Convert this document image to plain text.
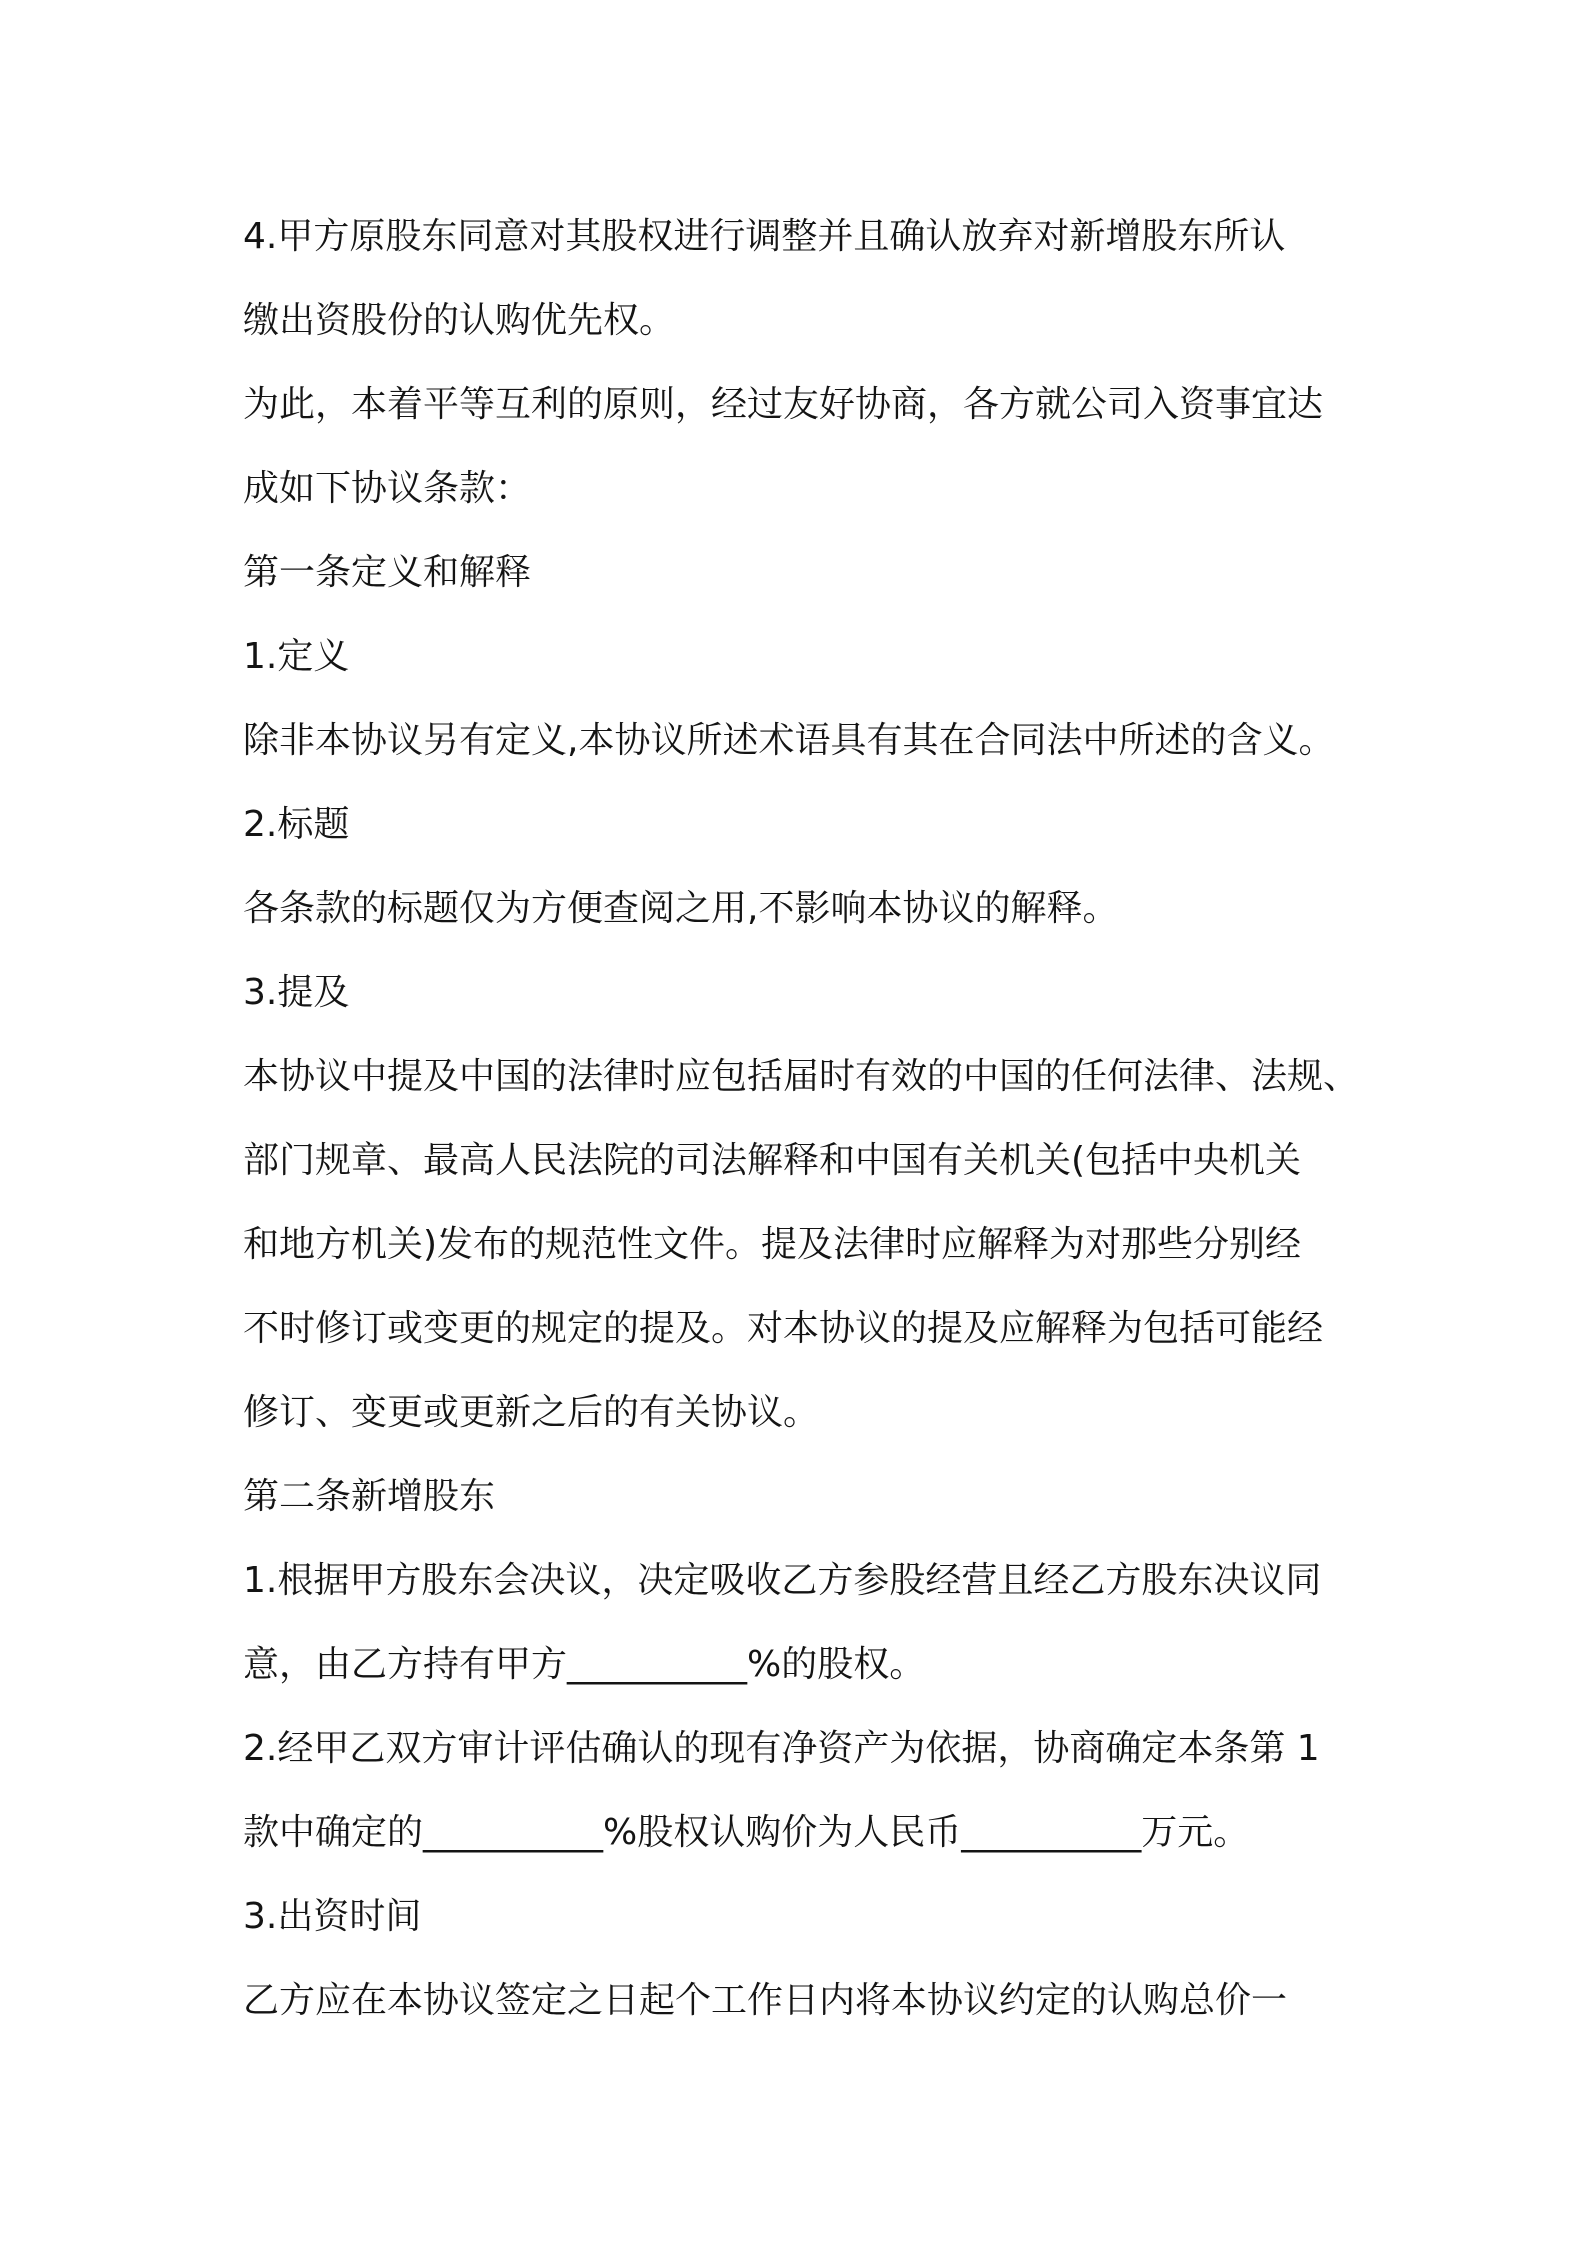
4.甲方原股东同意对其股权进行调整并且确认放弃对新增股东所认
缴出资股份的认购优先权。
为此，本着平等互利的原则，经过友好协商，各方就公司入资事宜达
成如下协议条款：
第一条定义和解释
1.定义
除非本协议另有定义,本协议所述术语具有其在合同法中所述的含义。
2.标题
各条款的标题仅为方便查阅之用,不影响本协议的解释。
3.提及
本协议中提及中国的法律时应包括届时有效的中国的任何法律、法规、
部门规章、最高人民法院的司法解释和中国有关机关(包括中央机关
和地方机关)发布的规范性文件。提及法律时应解释为对那些分别经
不时修订或变更的规定的提及。对本协议的提及应解释为包括可能经
修订、变更或更新之后的有关协议。
第二条新增股东
1.根据甲方股东会决议，决定吸收乙方参股经营且经乙方股东决议同
意，由乙方持有甲方__________%的股权。
2.经甲乙双方审计评估确认的现有净资产为依据，协商确定本条第 1
款中确定的__________%股权认购价为人民币__________万元。
3.出资时间
乙方应在本协议签定之日起个工作日内将本协议约定的认购总价一
